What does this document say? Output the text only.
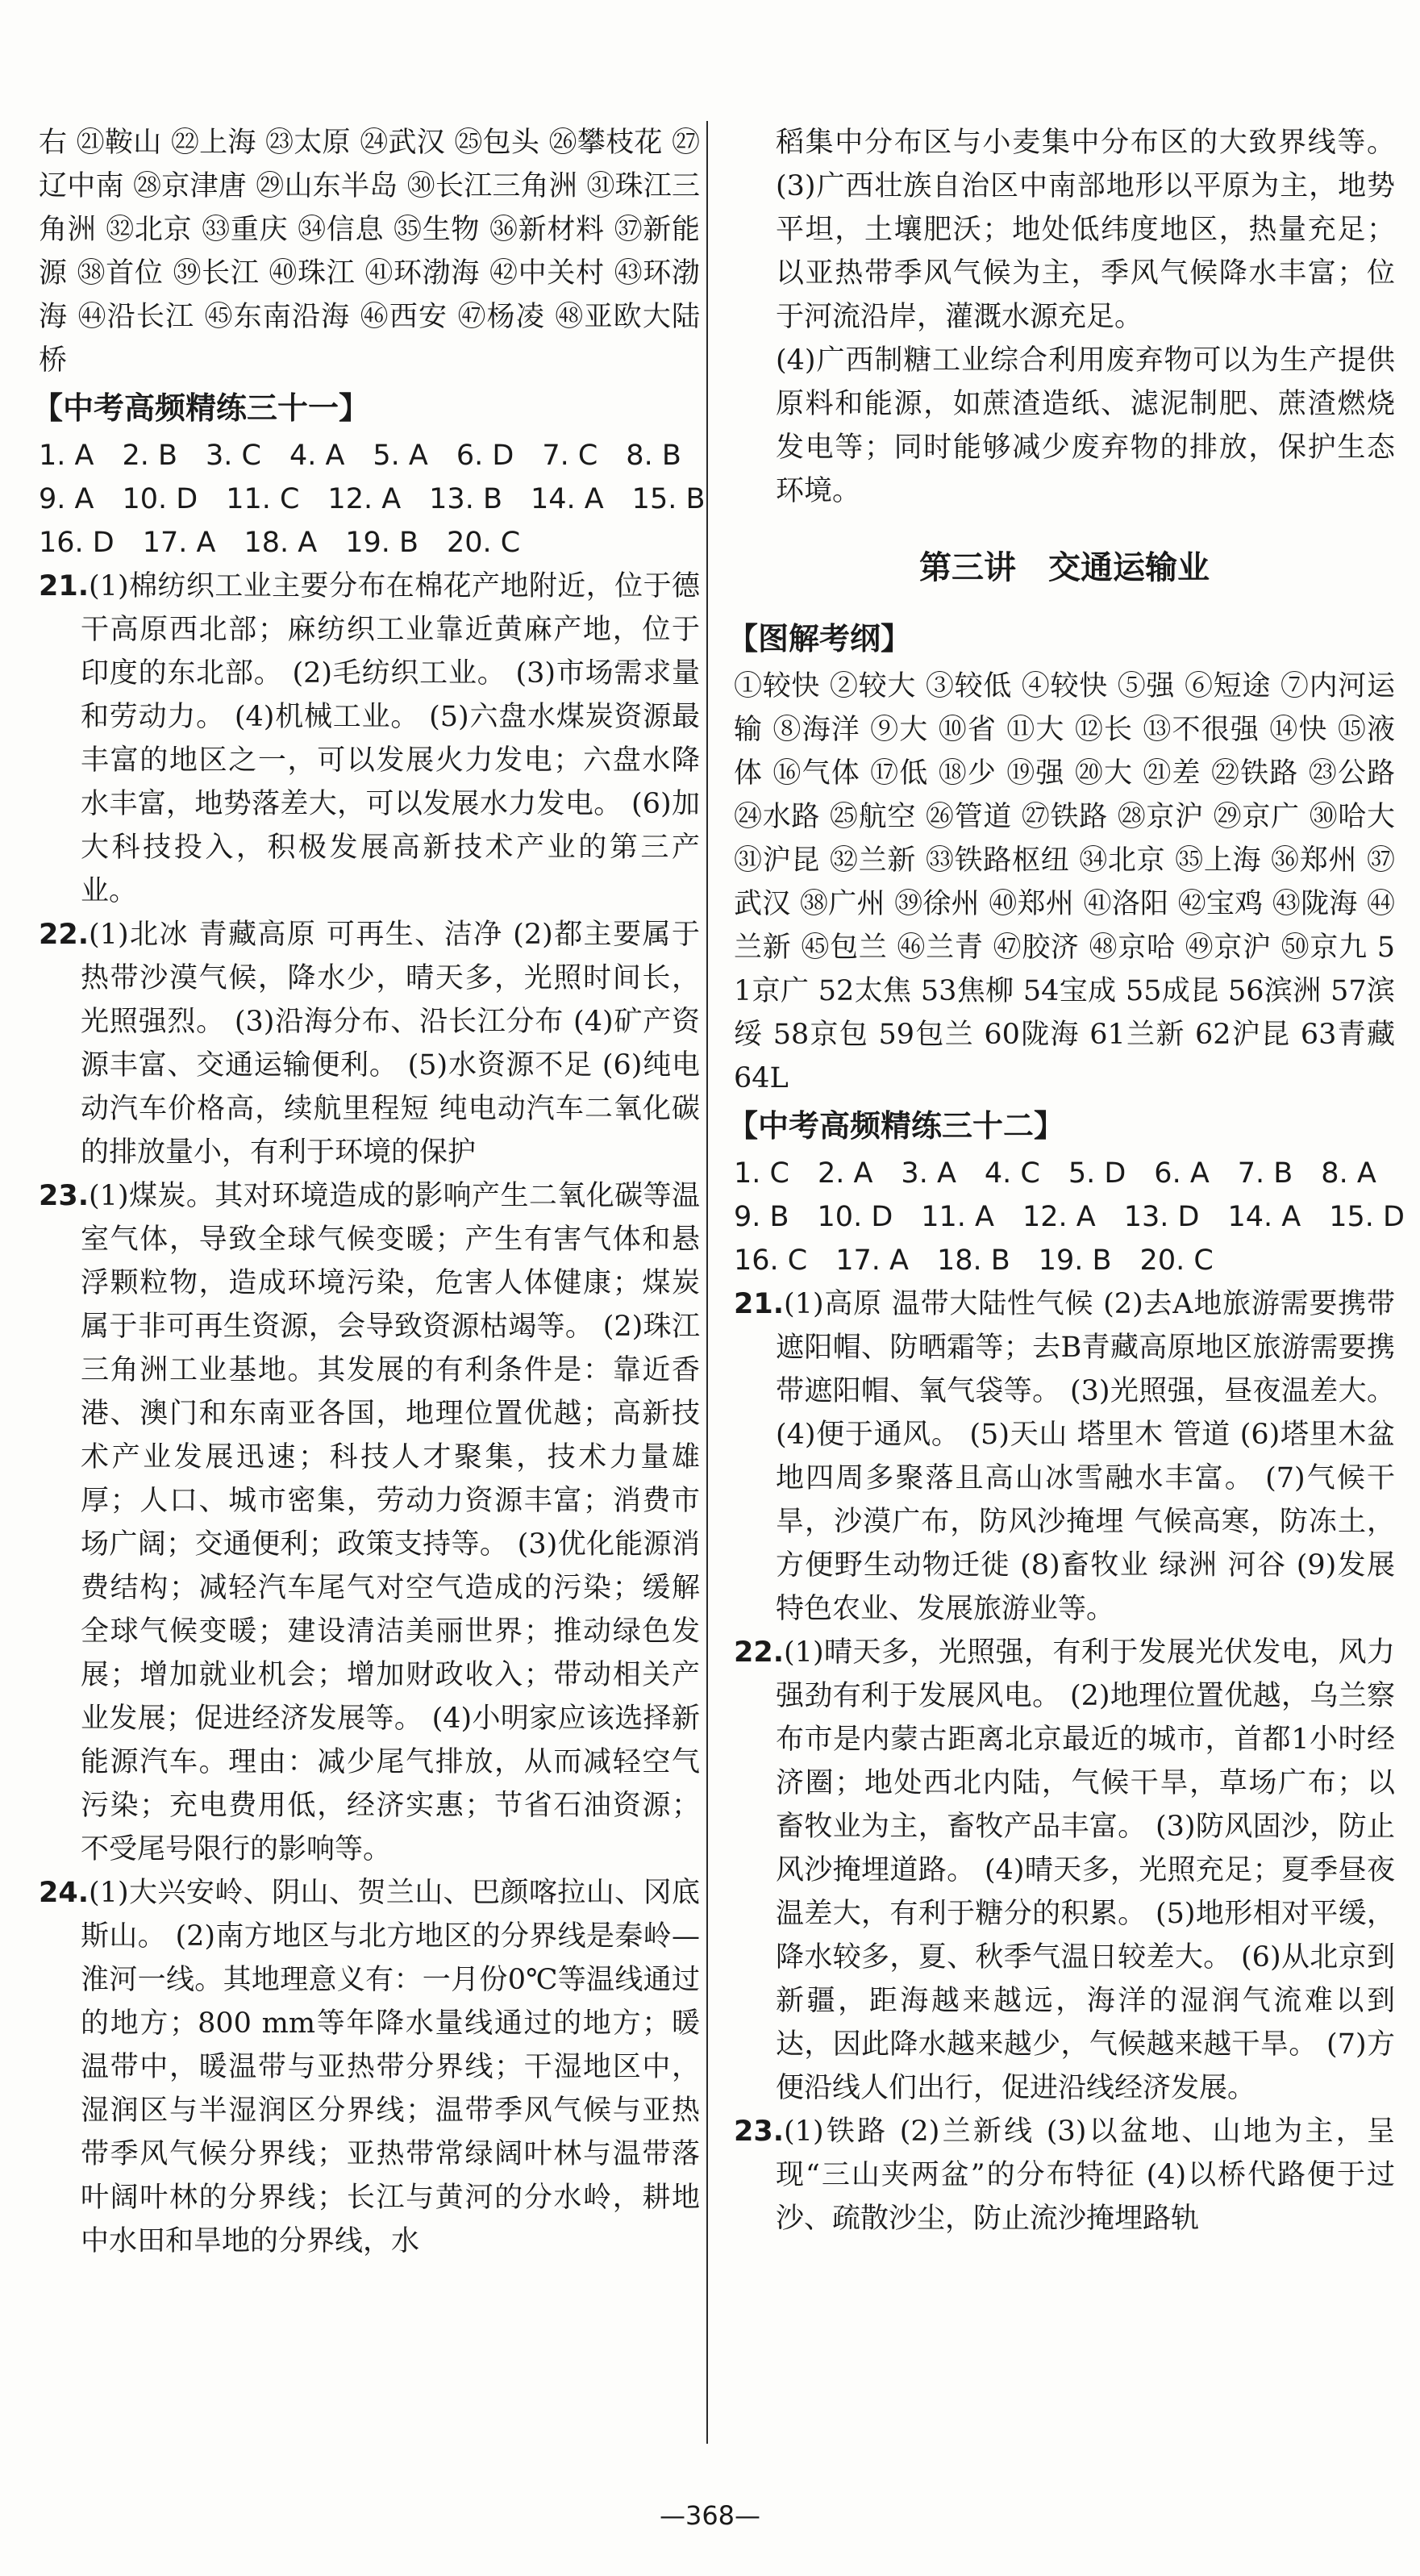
右 ㉑鞍山 ㉒上海 ㉓太原 ㉔武汉 ㉕包头 ㉖攀枝花 ㉗辽中南 ㉘京津唐 ㉙山东半岛 ㉚长江三角洲 ㉛珠江三角洲 ㉜北京 ㉝重庆 ㉞信息 ㉟生物 ㊱新材料 ㊲新能源 ㊳首位 ㊴长江 ㊵珠江 ㊶环渤海 ㊷中关村 ㊸环渤海 ㊹沿长江 ㊺东南沿海 ㊻西安 ㊼杨凌 ㊽亚欧大陆桥

【中考高频精练三十一】

1. A　2. B　3. C　4. A　5. A　6. D　7. C　8. B

9. A　10. D　11. C　12. A　13. B　14. A　15. B

16. D　17. A　18. A　19. B　20. C

21.(1)棉纺织工业主要分布在棉花产地附近，位于德干高原西北部；麻纺织工业靠近黄麻产地，位于印度的东北部。 (2)毛纺织工业。 (3)市场需求量和劳动力。 (4)机械工业。 (5)六盘水煤炭资源最丰富的地区之一，可以发展火力发电；六盘水降水丰富，地势落差大，可以发展水力发电。 (6)加大科技投入，积极发展高新技术产业的第三产业。

22.(1)北冰 青藏高原 可再生、洁净 (2)都主要属于热带沙漠气候，降水少，晴天多，光照时间长，光照强烈。 (3)沿海分布、沿长江分布 (4)矿产资源丰富、交通运输便利。 (5)水资源不足 (6)纯电动汽车价格高，续航里程短 纯电动汽车二氧化碳的排放量小，有利于环境的保护

23.(1)煤炭。其对环境造成的影响产生二氧化碳等温室气体，导致全球气候变暖；产生有害气体和悬浮颗粒物，造成环境污染，危害人体健康；煤炭属于非可再生资源，会导致资源枯竭等。 (2)珠江三角洲工业基地。其发展的有利条件是：靠近香港、澳门和东南亚各国，地理位置优越；高新技术产业发展迅速；科技人才聚集，技术力量雄厚；人口、城市密集，劳动力资源丰富；消费市场广阔；交通便利；政策支持等。 (3)优化能源消费结构；减轻汽车尾气对空气造成的污染；缓解全球气候变暖；建设清洁美丽世界；推动绿色发展；增加就业机会；增加财政收入；带动相关产业发展；促进经济发展等。 (4)小明家应该选择新能源汽车。理由：减少尾气排放，从而减轻空气污染；充电费用低，经济实惠；节省石油资源；不受尾号限行的影响等。

24.(1)大兴安岭、阴山、贺兰山、巴颜喀拉山、冈底斯山。 (2)南方地区与北方地区的分界线是秦岭—淮河一线。其地理意义有：一月份0℃等温线通过的地方；800 mm等年降水量线通过的地方；暖温带中，暖温带与亚热带分界线；干湿地区中，湿润区与半湿润区分界线；温带季风气候与亚热带季风气候分界线；亚热带常绿阔叶林与温带落叶阔叶林的分界线；长江与黄河的分水岭，耕地中水田和旱地的分界线，水

稻集中分布区与小麦集中分布区的大致界线等。 (3)广西壮族自治区中南部地形以平原为主，地势平坦，土壤肥沃；地处低纬度地区，热量充足；以亚热带季风气候为主，季风气候降水丰富；位于河流沿岸，灌溉水源充足。

(4)广西制糖工业综合利用废弃物可以为生产提供原料和能源，如蔗渣造纸、滤泥制肥、蔗渣燃烧发电等；同时能够减少废弃物的排放，保护生态环境。

第三讲　交通运输业
【图解考纲】

①较快 ②较大 ③较低 ④较快 ⑤强 ⑥短途 ⑦内河运输 ⑧海洋 ⑨大 ⑩省 ⑪大 ⑫长 ⑬不很强 ⑭快 ⑮液体 ⑯气体 ⑰低 ⑱少 ⑲强 ⑳大 ㉑差 ㉒铁路 ㉓公路 ㉔水路 ㉕航空 ㉖管道 ㉗铁路 ㉘京沪 ㉙京广 ㉚哈大 ㉛沪昆 ㉜兰新 ㉝铁路枢纽 ㉞北京 ㉟上海 ㊱郑州 ㊲武汉 ㊳广州 ㊴徐州 ㊵郑州 ㊶洛阳 ㊷宝鸡 ㊸陇海 ㊹兰新 ㊺包兰 ㊻兰青 ㊼胶济 ㊽京哈 ㊾京沪 ㊿京九 51京广 52太焦 53焦柳 54宝成 55成昆 56滨洲 57滨绥 58京包 59包兰 60陇海 61兰新 62沪昆 63青藏 64L

【中考高频精练三十二】

1. C　2. A　3. A　4. C　5. D　6. A　7. B　8. A

9. B　10. D　11. A　12. A　13. D　14. A　15. D

16. C　17. A　18. B　19. B　20. C

21.(1)高原 温带大陆性气候 (2)去A地旅游需要携带遮阳帽、防晒霜等；去B青藏高原地区旅游需要携带遮阳帽、氧气袋等。 (3)光照强，昼夜温差大。 (4)便于通风。 (5)天山 塔里木 管道 (6)塔里木盆地四周多聚落且高山冰雪融水丰富。 (7)气候干旱，沙漠广布，防风沙掩埋 气候高寒，防冻土，方便野生动物迁徙 (8)畜牧业 绿洲 河谷 (9)发展特色农业、发展旅游业等。

22.(1)晴天多，光照强，有利于发展光伏发电，风力强劲有利于发展风电。 (2)地理位置优越，乌兰察布市是内蒙古距离北京最近的城市，首都1小时经济圈；地处西北内陆，气候干旱，草场广布；以畜牧业为主，畜牧产品丰富。 (3)防风固沙，防止风沙掩埋道路。 (4)晴天多，光照充足；夏季昼夜温差大，有利于糖分的积累。 (5)地形相对平缓，降水较多，夏、秋季气温日较差大。 (6)从北京到新疆，距海越来越远，海洋的湿润气流难以到达，因此降水越来越少，气候越来越干旱。 (7)方便沿线人们出行，促进沿线经济发展。

23.(1)铁路 (2)兰新线 (3)以盆地、山地为主，呈现“三山夹两盆”的分布特征 (4)以桥代路便于过沙、疏散沙尘，防止流沙掩埋路轨

—368—
